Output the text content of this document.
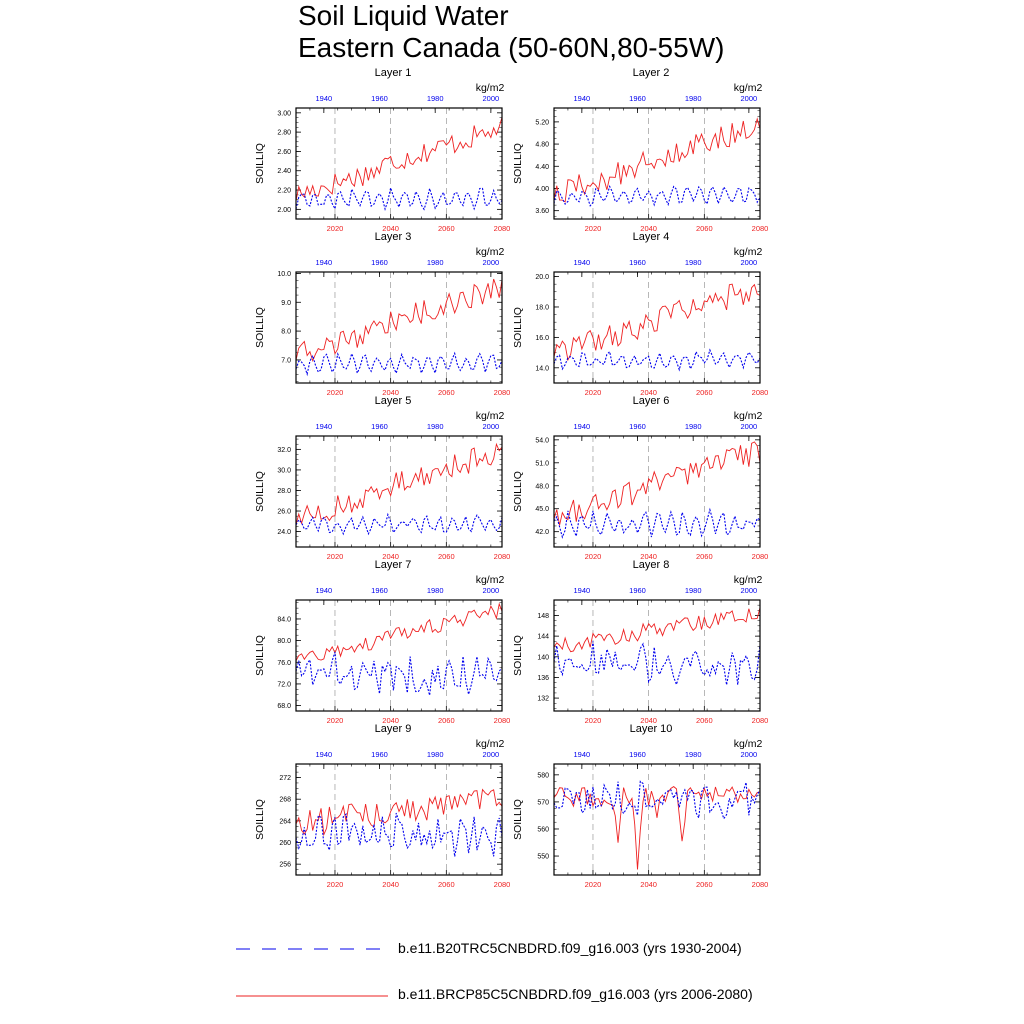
Soil Liquid Water
Eastern Canada (50-60N,80-55W)
Layer 1
kg/m2
SOILLIQ
1940	1960	1980	2000
2020	2040	2060	2080
2.00
2.20
2.40
2.60
2.80
3.00
Layer 2
kg/m2
SOILLIQ
1940	1960	1980	2000
2020	2040	2060	2080
3.60
4.00
4.40
4.80
5.20
Layer 3
kg/m2
SOILLIQ
1940	1960	1980	2000
2020	2040	2060	2080
7.0
8.0
9.0
10.0
Layer 4
kg/m2
SOILLIQ
1940	1960	1980	2000
2020	2040	2060	2080
14.0
16.0
18.0
20.0
Layer 5
kg/m2
SOILLIQ
1940	1960	1980	2000
2020	2040	2060	2080
24.0
26.0
28.0
30.0
32.0
Layer 6
kg/m2
SOILLIQ
1940	1960	1980	2000
2020	2040	2060	2080
42.0
45.0
48.0
51.0
54.0
Layer 7
kg/m2
SOILLIQ
1940	1960	1980	2000
2020	2040	2060	2080
68.0
72.0
76.0
80.0
84.0
Layer 8
kg/m2
SOILLIQ
1940	1960	1980	2000
2020	2040	2060	2080
132
136
140
144
148
Layer 9
kg/m2
SOILLIQ
1940	1960	1980	2000
2020	2040	2060	2080
256
260
264
268
272
Layer 10
kg/m2
SOILLIQ
1940	1960	1980	2000
2020	2040	2060	2080
550
560
570
580
b.e11.B20TRC5CNBDRD.f09_g16.003 (yrs 1930-2004)
b.e11.BRCP85C5CNBDRD.f09_g16.003 (yrs 2006-2080)
